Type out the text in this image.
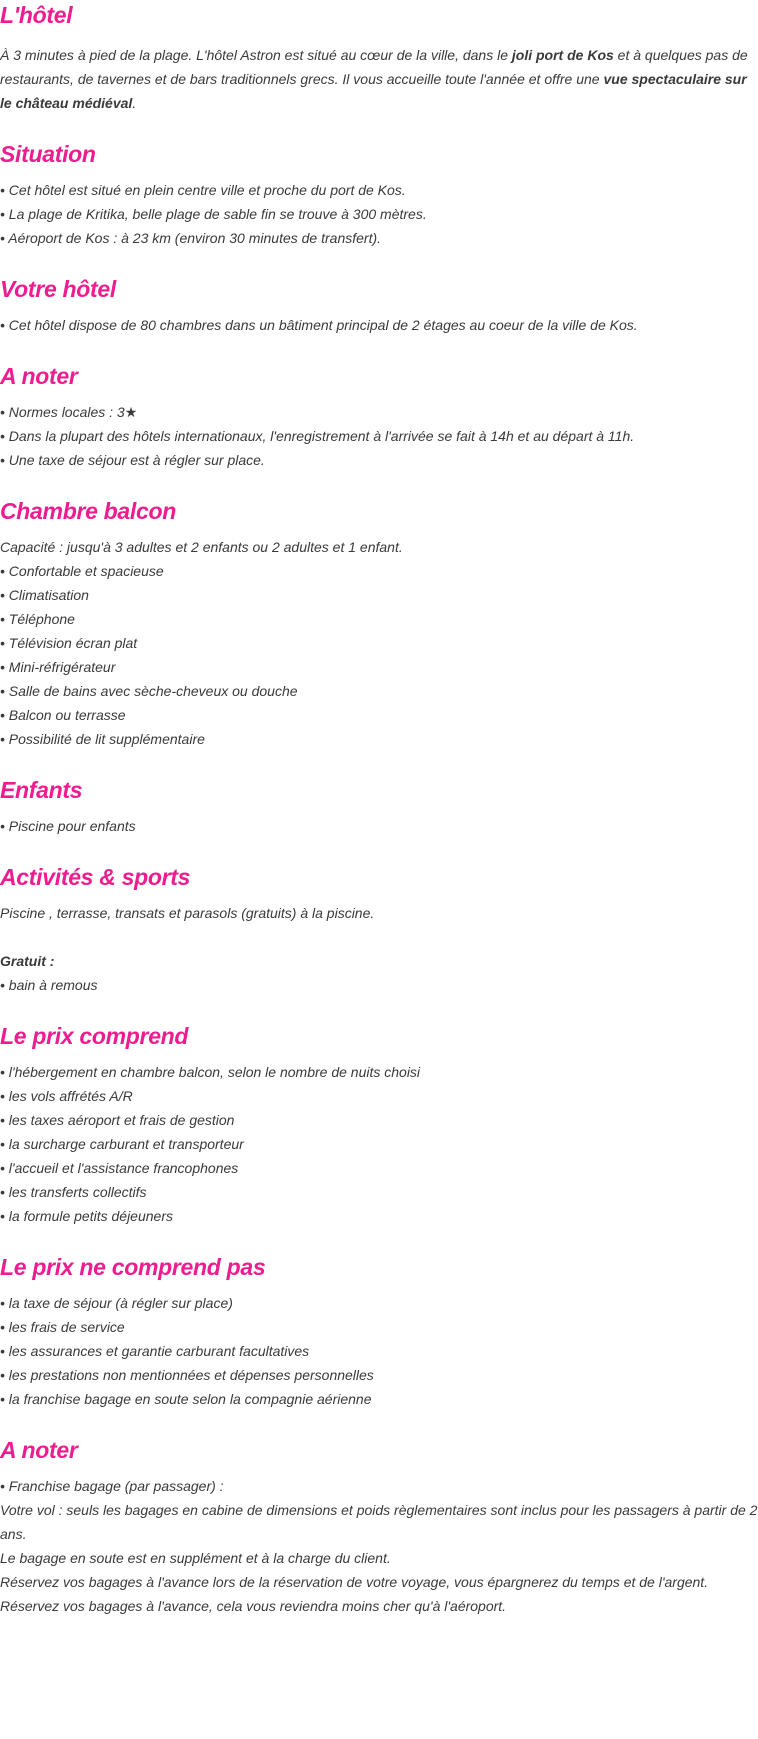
L'hôtel
À 3 minutes à pied de la plage. L'hôtel Astron est situé au cœur de la ville, dans le joli port de Kos et à quelques pas de restaurants, de tavernes et de bars traditionnels grecs. Il vous accueille toute l'année et offre une vue spectaculaire sur le château médiéval.
Situation
• Cet hôtel est situé en plein centre ville et proche du port de Kos.
• La plage de Kritika, belle plage de sable fin se trouve à 300 mètres.
• Aéroport de Kos : à 23 km (environ 30 minutes de transfert).
Votre hôtel
• Cet hôtel dispose de 80 chambres dans un bâtiment principal de 2 étages au coeur de la ville de Kos.
A noter
• Normes locales : 3★
• Dans la plupart des hôtels internationaux, l'enregistrement à l'arrivée se fait à 14h et au départ à 11h.
• Une taxe de séjour est à régler sur place.
Chambre balcon
Capacité : jusqu'à 3 adultes et 2 enfants ou 2 adultes et 1 enfant.
• Confortable et spacieuse
• Climatisation
• Téléphone
• Télévision écran plat
• Mini-réfrigérateur
• Salle de bains avec sèche-cheveux ou douche
• Balcon ou terrasse
• Possibilité de lit supplémentaire
Enfants
• Piscine pour enfants
Activités & sports
Piscine , terrasse, transats et parasols (gratuits) à la piscine.
Gratuit :
• bain à remous
Le prix comprend
• l'hébergement en chambre balcon, selon le nombre de nuits choisi
• les vols affrétés A/R
• les taxes aéroport et frais de gestion
• la surcharge carburant et transporteur
• l'accueil et l'assistance francophones
• les transferts collectifs
• la formule petits déjeuners
Le prix ne comprend pas
• la taxe de séjour (à régler sur place)
• les frais de service
• les assurances et garantie carburant facultatives
• les prestations non mentionnées et dépenses personnelles
• la franchise bagage en soute selon la compagnie aérienne
A noter
• Franchise bagage (par passager) :
Votre vol : seuls les bagages en cabine de dimensions et poids règlementaires sont inclus pour les passagers à partir de 2 ans.
Le bagage en soute est en supplément et à la charge du client.
Réservez vos bagages à l'avance lors de la réservation de votre voyage, vous épargnerez du temps et de l'argent.
Réservez vos bagages à l'avance, cela vous reviendra moins cher qu'à l'aéroport.
